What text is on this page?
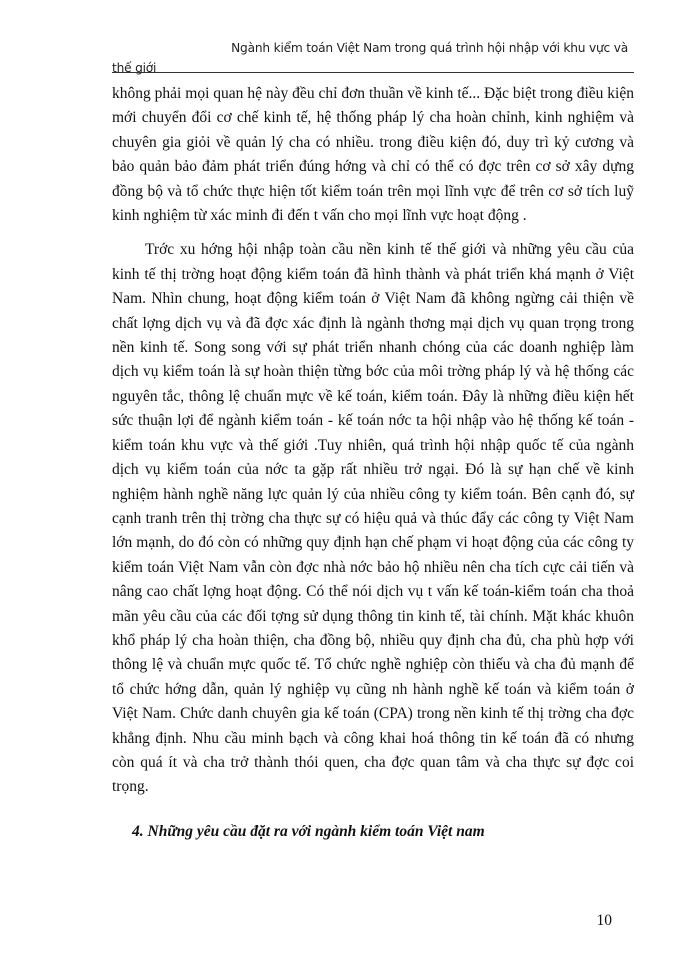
Ngành kiểm toán Việt Nam trong quá trình hội nhập với khu vực và
thế giới

không phải mọi quan hệ này đều chỉ đơn thuần về kinh tế... Đặc biệt trong điều kiện mới chuyển đổi cơ chế kinh tế, hệ thống pháp lý cha hoàn chỉnh, kinh nghiệm và chuyên gia giỏi về quản lý cha có nhiều. trong điều kiện đó, duy trì kỷ cương và bảo quản bảo đảm phát triển đúng hớng và chỉ có thể có đợc trên cơ sở xây dựng đồng bộ và tổ chức thực hiện tốt kiểm toán trên mọi lĩnh vực để trên cơ sở tích luỹ kinh nghiệm từ xác minh đi đến t vấn cho mọi lĩnh vực hoạt động .

Trớc xu hớng hội nhập toàn cầu nền kinh tế thế giới và những yêu cầu của kinh tế thị trờng hoạt động kiểm toán đã hình thành và phát triển khá mạnh ở Việt Nam. Nhìn chung, hoạt động kiểm toán ở Việt Nam đã không ngừng cải thiện về chất lợng dịch vụ và đã đợc xác định là ngành thơng mại dịch vụ quan trọng trong nền kinh tế. Song song với sự phát triển nhanh chóng của các doanh nghiệp làm dịch vụ kiểm toán là sự hoàn thiện từng bớc của môi trờng pháp lý và hệ thống các nguyên tắc, thông lệ chuẩn mực về kế toán, kiểm toán. Đây là những điều kiện hết sức thuận lợi để ngành kiểm toán - kế toán nớc ta hội nhập vào hệ thống kế toán - kiểm toán khu vực và thế giới .Tuy nhiên, quá trình hội nhập quốc tế của ngành dịch vụ kiểm toán của nớc ta gặp rất nhiều trở ngại. Đó là sự hạn chế về kinh nghiệm hành nghề năng lực quản lý của nhiều công ty kiểm toán. Bên cạnh đó, sự cạnh tranh trên thị trờng cha thực sự có hiệu quả và thúc đẩy các công ty Việt Nam lớn mạnh, do đó còn có những quy định hạn chế phạm vi hoạt động của các công ty kiểm toán Việt Nam vẫn còn đợc nhà nớc bảo hộ nhiều nên cha tích cực cải tiến và nâng cao chất lợng hoạt động. Có thể nói dịch vụ t vấn kế toán-kiểm toán cha thoả mãn yêu cầu của các đối tợng sử dụng thông tin kinh tế, tài chính. Mặt khác khuôn khổ pháp lý cha hoàn thiện, cha đồng bộ, nhiều quy định cha đủ, cha phù hợp với thông lệ và chuẩn mực quốc tế. Tổ chức nghề nghiệp còn thiếu và cha đủ mạnh để tổ chức hớng dẫn, quản lý nghiệp vụ cũng nh hành nghề kế toán và kiểm toán ở Việt Nam. Chức danh chuyên gia kế toán (CPA) trong nền kinh tế thị trờng cha đợc khẳng định. Nhu cầu minh bạch và công khai hoá thông tin kế toán đã có nhưng còn quá ít và cha trở thành thói quen, cha đợc quan tâm và cha thực sự đợc coi trọng.

4. Những yêu cầu đặt ra với ngành kiểm toán Việt nam
10
